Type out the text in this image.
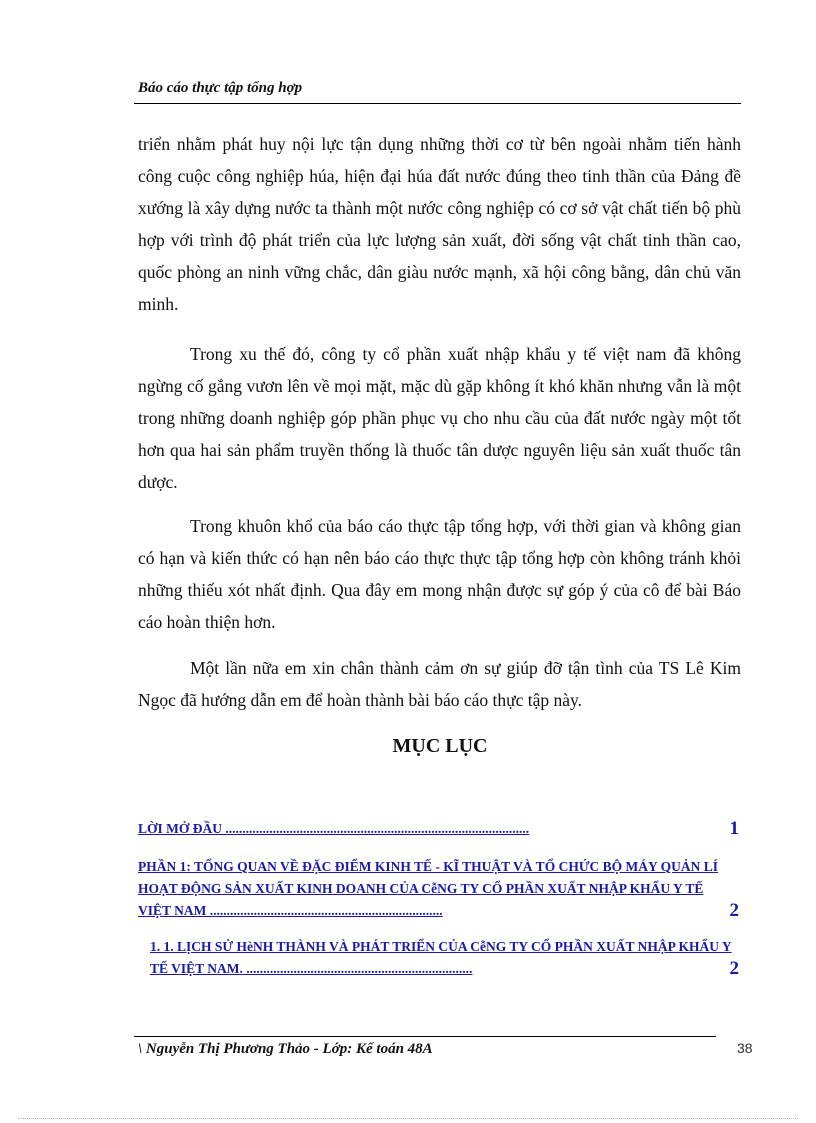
Báo cáo thực tập tổng hợp

triển nhằm phát huy nội lực tận dụng những thời cơ từ bên ngoài nhằm tiến hành công cuộc công nghiệp húa, hiện đại húa đất nước đúng theo tinh thần của Đảng đề xướng là xây dựng nước ta thành một nước công nghiệp có cơ sở vật chất tiến bộ phù hợp với trình độ phát triển của lực lượng sản xuất, đời sống vật chất tinh thần cao, quốc phòng an ninh vững chắc, dân giàu nước mạnh, xã hội công bằng, dân chủ văn minh.

Trong xu thế đó, công ty cổ phần xuất nhập khẩu y tế việt nam đã không ngừng cố gắng vươn lên về mọi mặt, mặc dù gặp không ít khó khăn nhưng vẫn là một trong những doanh nghiệp góp phần phục vụ cho nhu cầu của đất nước ngày một tốt hơn qua hai sản phẩm truyền thống là thuốc tân dược nguyên liệu sản xuất thuốc tân dược.

Trong khuôn khổ của báo cáo thực tập tổng hợp, với thời gian và không gian có hạn và kiến thức có hạn nên báo cáo thực thực tập tổng hợp còn không tránh khỏi những thiếu xót nhất định. Qua đây em mong nhận được sự góp ý của cô để bài Báo cáo hoàn thiện hơn.

Một lần nữa em xin chân thành cảm ơn sự giúp đỡ tận tình của TS Lê Kim Ngọc đã hướng dẫn em để hoàn thành bài báo cáo thực tập này.

MỤC LỤC

LỜI MỞ ĐẦU ..........................................................................................	1

PHẦN 1: TỔNG QUAN VỀ ĐẶC ĐIỂM KINH TẾ - KĨ THUẬT VÀ TỔ CHỨC BỘ MÁY QUẢN LÍ HOẠT ĐỘNG SẢN XUẤT KINH DOANH CỦA CễNG TY CỔ PHẦN XUẤT NHẬP KHẨU Y TẾ VIỆT NAM .....................................................................	2

1. 1. LỊCH SỬ HèNH THÀNH VÀ PHÁT TRIỂN CỦA CễNG TY CỔ PHẦN XUẤT NHẬP KHẨU Y TẾ VIỆT NAM. ...................................................................	2

\ Nguyễn Thị Phương Thảo - Lớp: Kế toán 48A	38
